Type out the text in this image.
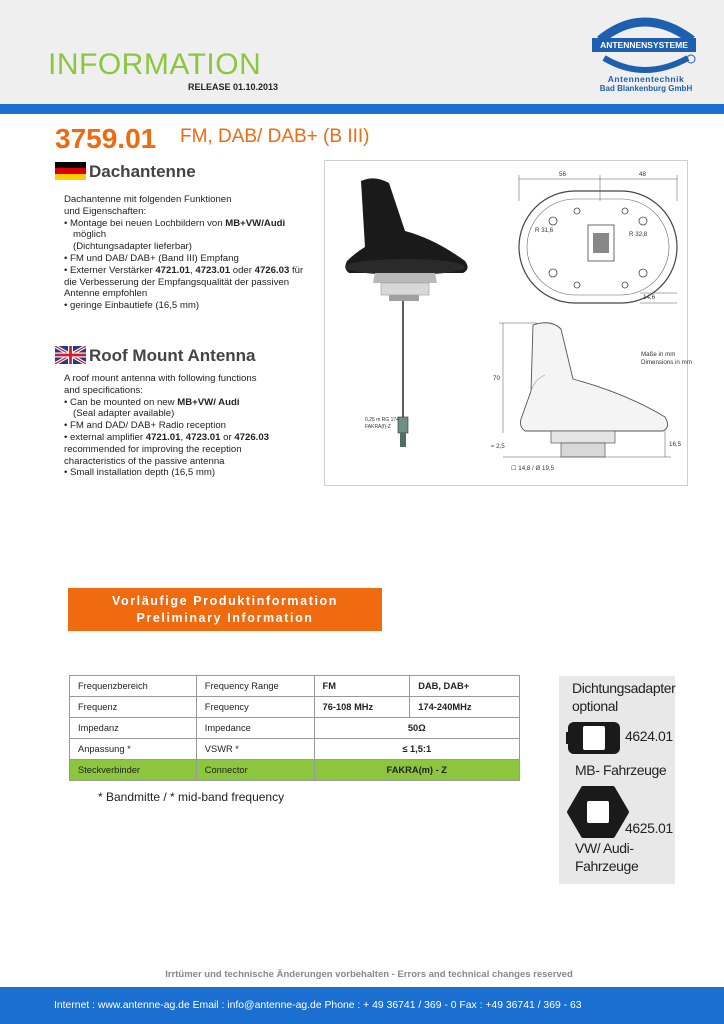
INFORMATION
RELEASE 01.10.2013
ANTENNENSYSTEME
Antennentechnik
Bad Blankenburg GmbH
3759.01 FM, DAB/ DAB+ (B III)
Dachantenne

Dachantenne mit folgenden Funktionen

und Eigenschaften:

• Montage bei neuen Lochbildern von MB+VW/Audi

möglich

(Dichtungsadapter lieferbar)

• FM und DAB/ DAB+ (Band III) Empfang

• Externer Verstärker 4721.01, 4723.01 oder 4726.03 für

die Verbesserung der Empfangsqualität der passiven

Antenne empfohlen

• geringe Einbautiefe (16,5 mm)

Roof Mount Antenna

A roof mount antenna with following functions

and specifications:

• Can be mounted on new MB+VW/ Audi

(Seal adapter available)

• FM and DAD/ DAB+ Radio reception

• external amplifier 4721.01, 4723.01 or 4726.03

recommended for improving the reception

characteristics of the passive antenna

• Small installation depth (16,5 mm)

56	48
R 31,6
R 32,8
14,6
70
≈ 2,5	16,5
☐ 14,8 / Ø 19,5
Maße in mm
Dimensions in mm
0,25 m RG 174
FAKRA(f)-Z
Vorläufige Produktinformation
Preliminary Information
Frequenzbereich	Frequency Range	FM	DAB, DAB+
Frequenz	Frequency	76-108 MHz	174-240MHz
Impedanz	Impedance	50Ω	
Anpassung *	VSWR *	≤ 1,5:1	
Steckverbinder	Connector	FAKRA(m) - Z	
* Bandmitte / * mid-band frequency
Dichtungsadapter
optional
4624.01
MB- Fahrzeuge
4625.01
VW/ Audi-
Fahrzeuge
Irrtümer und technische Änderungen vorbehalten - Errors and technical changes reserved
Internet : www.antenne-ag.de Email : info@antenne-ag.de Phone : + 49 36741 / 369 - 0 Fax : +49 36741 / 369 - 63
